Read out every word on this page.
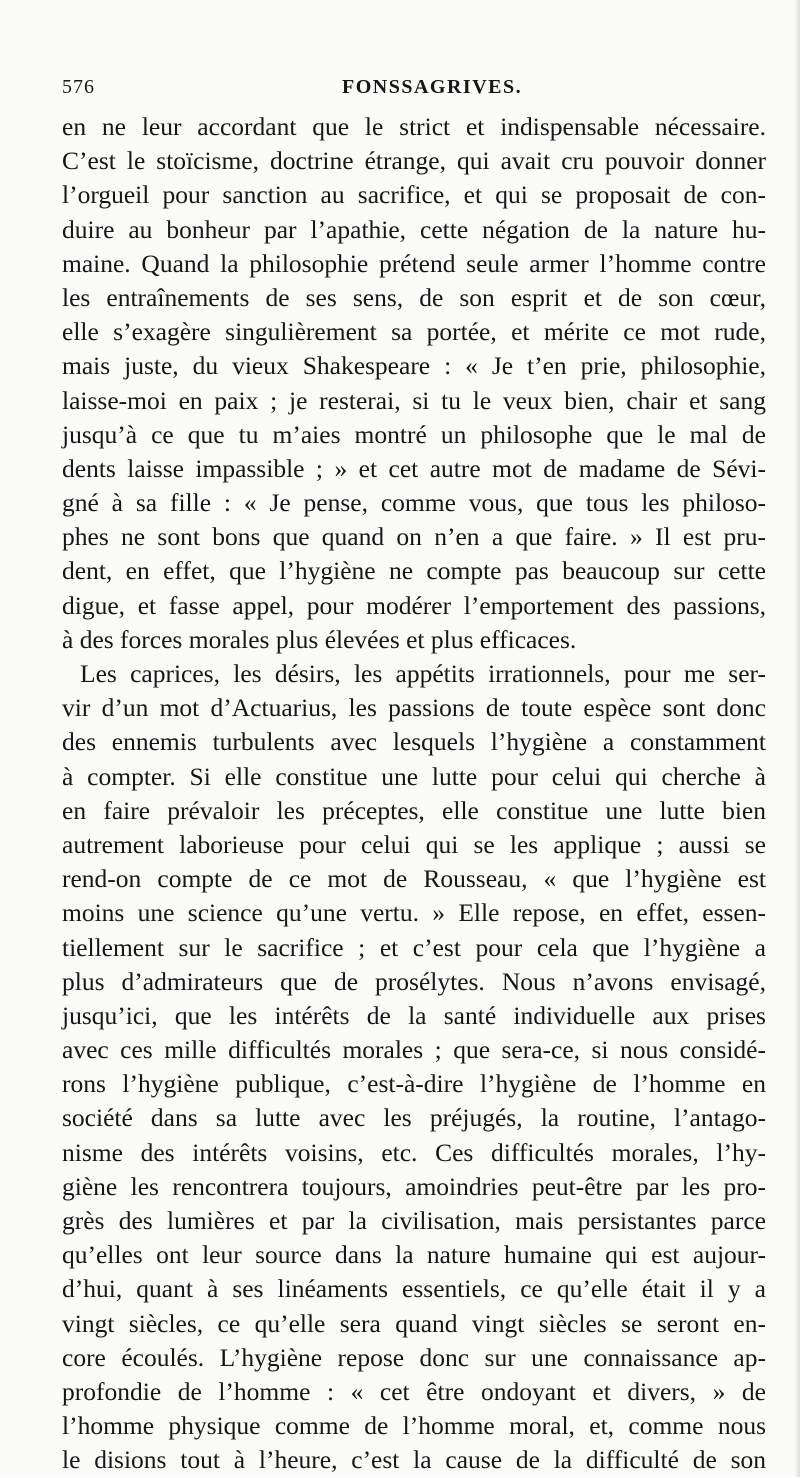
576	FONSSAGRIVES.
en ne leur accordant que le strict et indispensable nécessaire.
C’est le stoïcisme, doctrine étrange, qui avait cru pouvoir donner
l’orgueil pour sanction au sacrifice, et qui se proposait de con-
duire au bonheur par l’apathie, cette négation de la nature hu-
maine. Quand la philosophie prétend seule armer l’homme contre
les entraînements de ses sens, de son esprit et de son cœur,
elle s’exagère singulièrement sa portée, et mérite ce mot rude,
mais juste, du vieux Shakespeare : « Je t’en prie, philosophie,
laisse-moi en paix ; je resterai, si tu le veux bien, chair et sang
jusqu’à ce que tu m’aies montré un philosophe que le mal de
dents laisse impassible ; » et cet autre mot de madame de Sévi-
gné à sa fille : « Je pense, comme vous, que tous les philoso-
phes ne sont bons que quand on n’en a que faire. » Il est pru-
dent, en effet, que l’hygiène ne compte pas beaucoup sur cette
digue, et fasse appel, pour modérer l’emportement des passions,
à des forces morales plus élevées et plus efficaces.
Les caprices, les désirs, les appétits irrationnels, pour me ser-
vir d’un mot d’Actuarius, les passions de toute espèce sont donc
des ennemis turbulents avec lesquels l’hygiène a constamment
à compter. Si elle constitue une lutte pour celui qui cherche à
en faire prévaloir les préceptes, elle constitue une lutte bien
autrement laborieuse pour celui qui se les applique ; aussi se
rend-on compte de ce mot de Rousseau, « que l’hygiène est
moins une science qu’une vertu. » Elle repose, en effet, essen-
tiellement sur le sacrifice ; et c’est pour cela que l’hygiène a
plus d’admirateurs que de prosélytes. Nous n’avons envisagé,
jusqu’ici, que les intérêts de la santé individuelle aux prises
avec ces mille difficultés morales ; que sera-ce, si nous considé-
rons l’hygiène publique, c’est-à-dire l’hygiène de l’homme en
société dans sa lutte avec les préjugés, la routine, l’antago-
nisme des intérêts voisins, etc. Ces difficultés morales, l’hy-
giène les rencontrera toujours, amoindries peut-être par les pro-
grès des lumières et par la civilisation, mais persistantes parce
qu’elles ont leur source dans la nature humaine qui est aujour-
d’hui, quant à ses linéaments essentiels, ce qu’elle était il y a
vingt siècles, ce qu’elle sera quand vingt siècles se seront en-
core écoulés. L’hygiène repose donc sur une connaissance ap-
profondie de l’homme : « cet être ondoyant et divers, » de
l’homme physique comme de l’homme moral, et, comme nous
le disions tout à l’heure, c’est la cause de la difficulté de son
